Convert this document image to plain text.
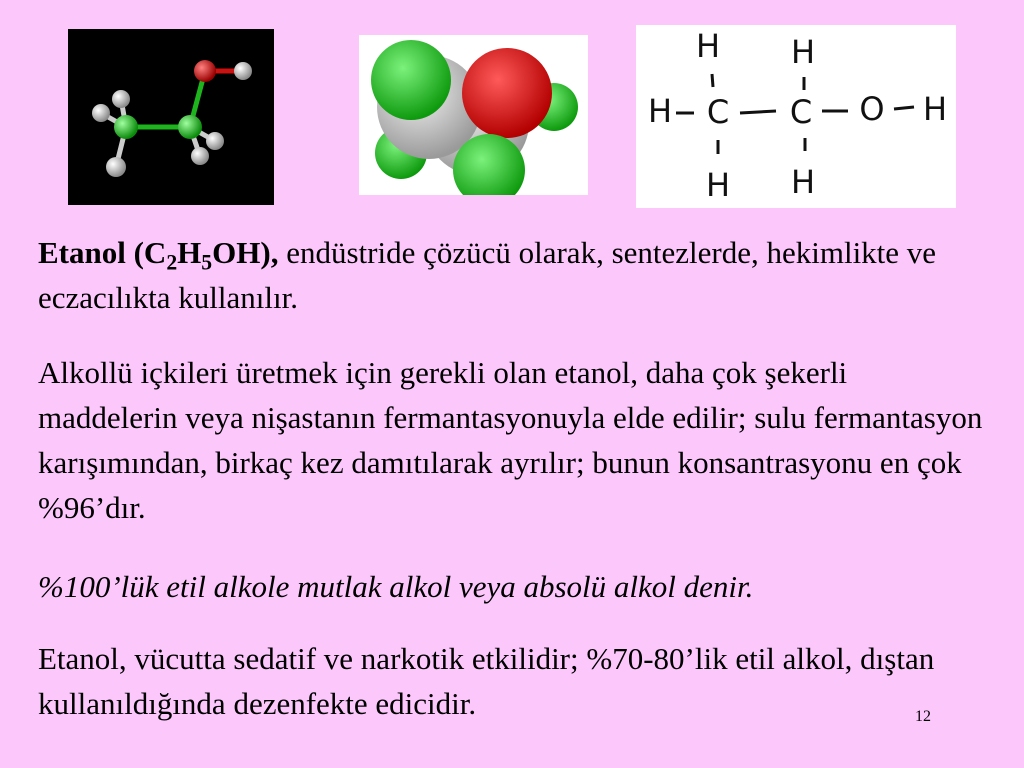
H H
H C C O H
H H

Etanol $(C_2H_5OH)$, endüstride çözücü olarak, sentezlerde, hekimlikte ve eczacılıkta kullanılır.

Alkollü içkileri üretmek için gerekli olan etanol, daha çok şekerli maddelerin veya nişastanın fermantasyonuyla elde edilir; sulu fermantasyon karışımından, birkaç kez damıtılarak ayrılır; bunun konsantrasyonu en çok %96’dır.

%100’lük etil alkole mutlak alkol veya absolü alkol denir.

Etanol, vücutta sedatif ve narkotik etkilidir; %70-80’lik etil alkol, dıştan kullanıldığında dezenfekte edicidir.	12
